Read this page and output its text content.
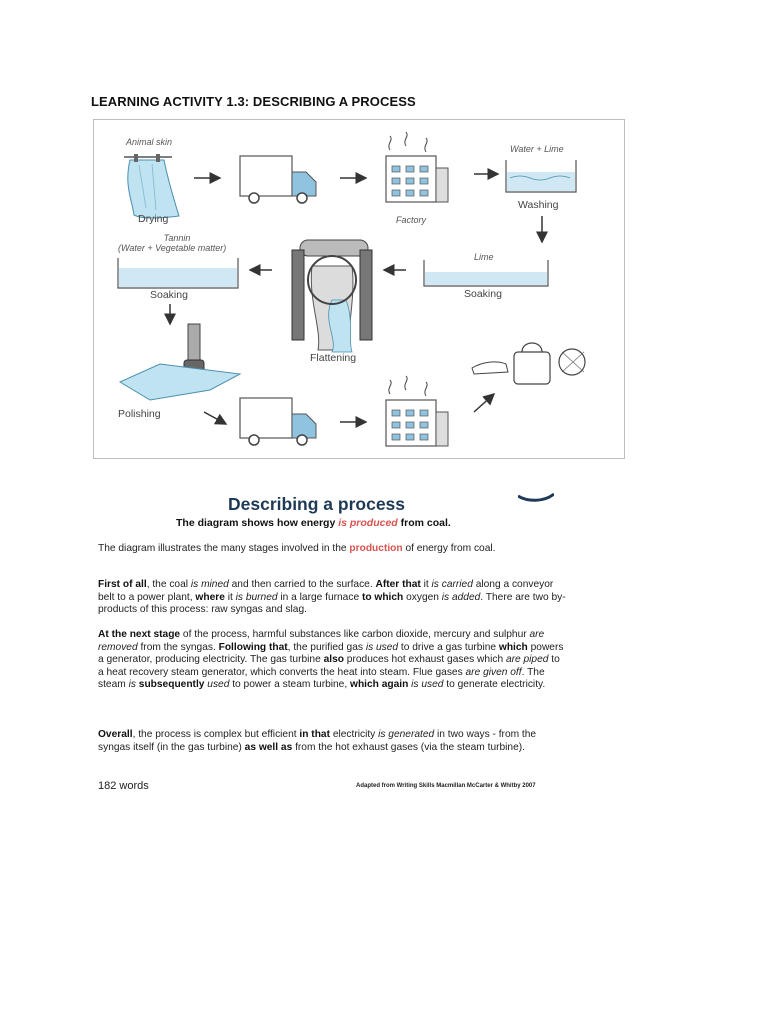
LEARNING ACTIVITY 1.3: DESCRIBING A PROCESS
Animal skin
Drying	Factory
Water + Lime
Washing
Tannin
(Water + Vegetable matter)
Lime
Soaking	Soaking
Flattening
Polishing
Describing a process
The diagram shows how energy is produced from coal.
The diagram illustrates the many stages involved in the production of energy from coal.
First of all, the coal is mined and then carried to the surface. After that it is carried along a conveyor belt to a power plant, where it is burned in a large furnace to which oxygen is added. There are two by-products of this process: raw syngas and slag.
At the next stage of the process, harmful substances like carbon dioxide, mercury and sulphur are removed from the syngas. Following that, the purified gas is used to drive a gas turbine which powers a generator, producing electricity. The gas turbine also produces hot exhaust gases which are piped to a heat recovery steam generator, which converts the heat into steam. Flue gases are given off. The steam is subsequently used to power a steam turbine, which again is used to generate electricity.
Overall, the process is complex but efficient in that electricity is generated in two ways - from the syngas itself (in the gas turbine) as well as from the hot exhaust gases (via the steam turbine).
182 words	Adapted from Writing Skills Macmillan McCarter & Whitby 2007
